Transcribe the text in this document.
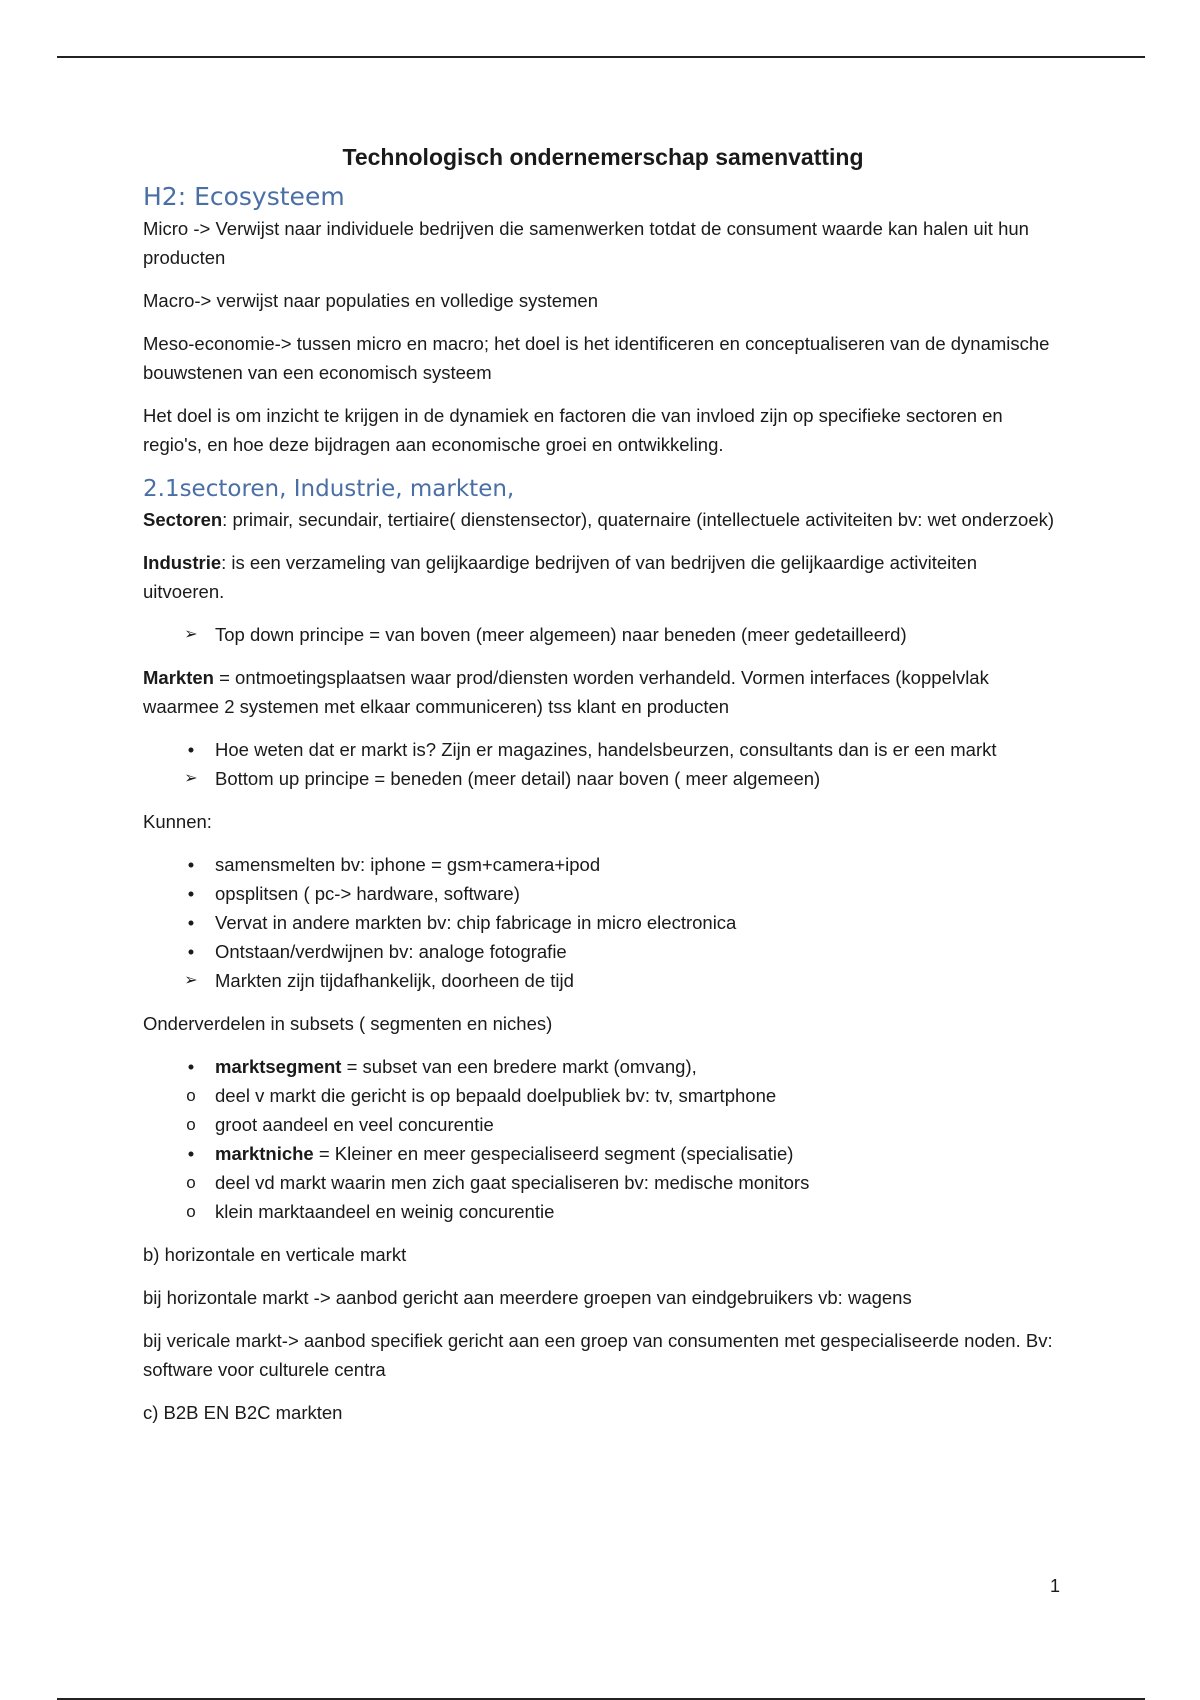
Technologisch ondernemerschap samenvatting
H2: Ecosysteem

Micro -> Verwijst naar individuele bedrijven die samenwerken totdat de consument waarde kan halen uit hun producten

Macro-> verwijst naar populaties en volledige systemen

Meso-economie-> tussen micro en macro; het doel is het identificeren en conceptualiseren van de dynamische bouwstenen van een economisch systeem

Het doel is om inzicht te krijgen in de dynamiek en factoren die van invloed zijn op specifieke sectoren en regio's, en hoe deze bijdragen aan economische groei en ontwikkeling.

2.1sectoren, Industrie, markten,

Sectoren: primair, secundair, tertiaire( dienstensector), quaternaire (intellectuele activiteiten bv: wet onderzoek)

Industrie: is een verzameling van gelijkaardige bedrijven of van bedrijven die gelijkaardige activiteiten uitvoeren.

➢ Top down principe = van boven (meer algemeen) naar beneden (meer gedetailleerd)

Markten = ontmoetingsplaatsen waar prod/diensten worden verhandeld. Vormen interfaces (koppelvlak waarmee 2 systemen met elkaar communiceren) tss klant en producten

•	Hoe weten dat er markt is? Zijn er magazines, handelsbeurzen, consultants dan is er een markt
➢ Bottom up principe = beneden (meer detail) naar boven ( meer algemeen)

Kunnen:

•	samensmelten bv: iphone = gsm+camera+ipod
•	opsplitsen ( pc-> hardware, software)
•	Vervat in andere markten bv: chip fabricage in micro electronica
•	Ontstaan/verdwijnen bv: analoge fotografie
➢ Markten zijn tijdafhankelijk, doorheen de tijd

Onderverdelen in subsets ( segmenten en niches)

•	marktsegment = subset van een bredere markt (omvang),
o deel v markt die gericht is op bepaald doelpubliek bv: tv, smartphone
o groot aandeel en veel concurentie
•	marktniche = Kleiner en meer gespecialiseerd segment (specialisatie)
o deel vd markt waarin men zich gaat specialiseren bv: medische monitors
o klein marktaandeel en weinig concurentie

b) horizontale en verticale markt

bij horizontale markt -> aanbod gericht aan meerdere groepen van eindgebruikers vb: wagens

bij vericale markt-> aanbod specifiek gericht aan een groep van consumenten met gespecialiseerde noden. Bv: software voor culturele centra

c) B2B EN B2C markten

1
